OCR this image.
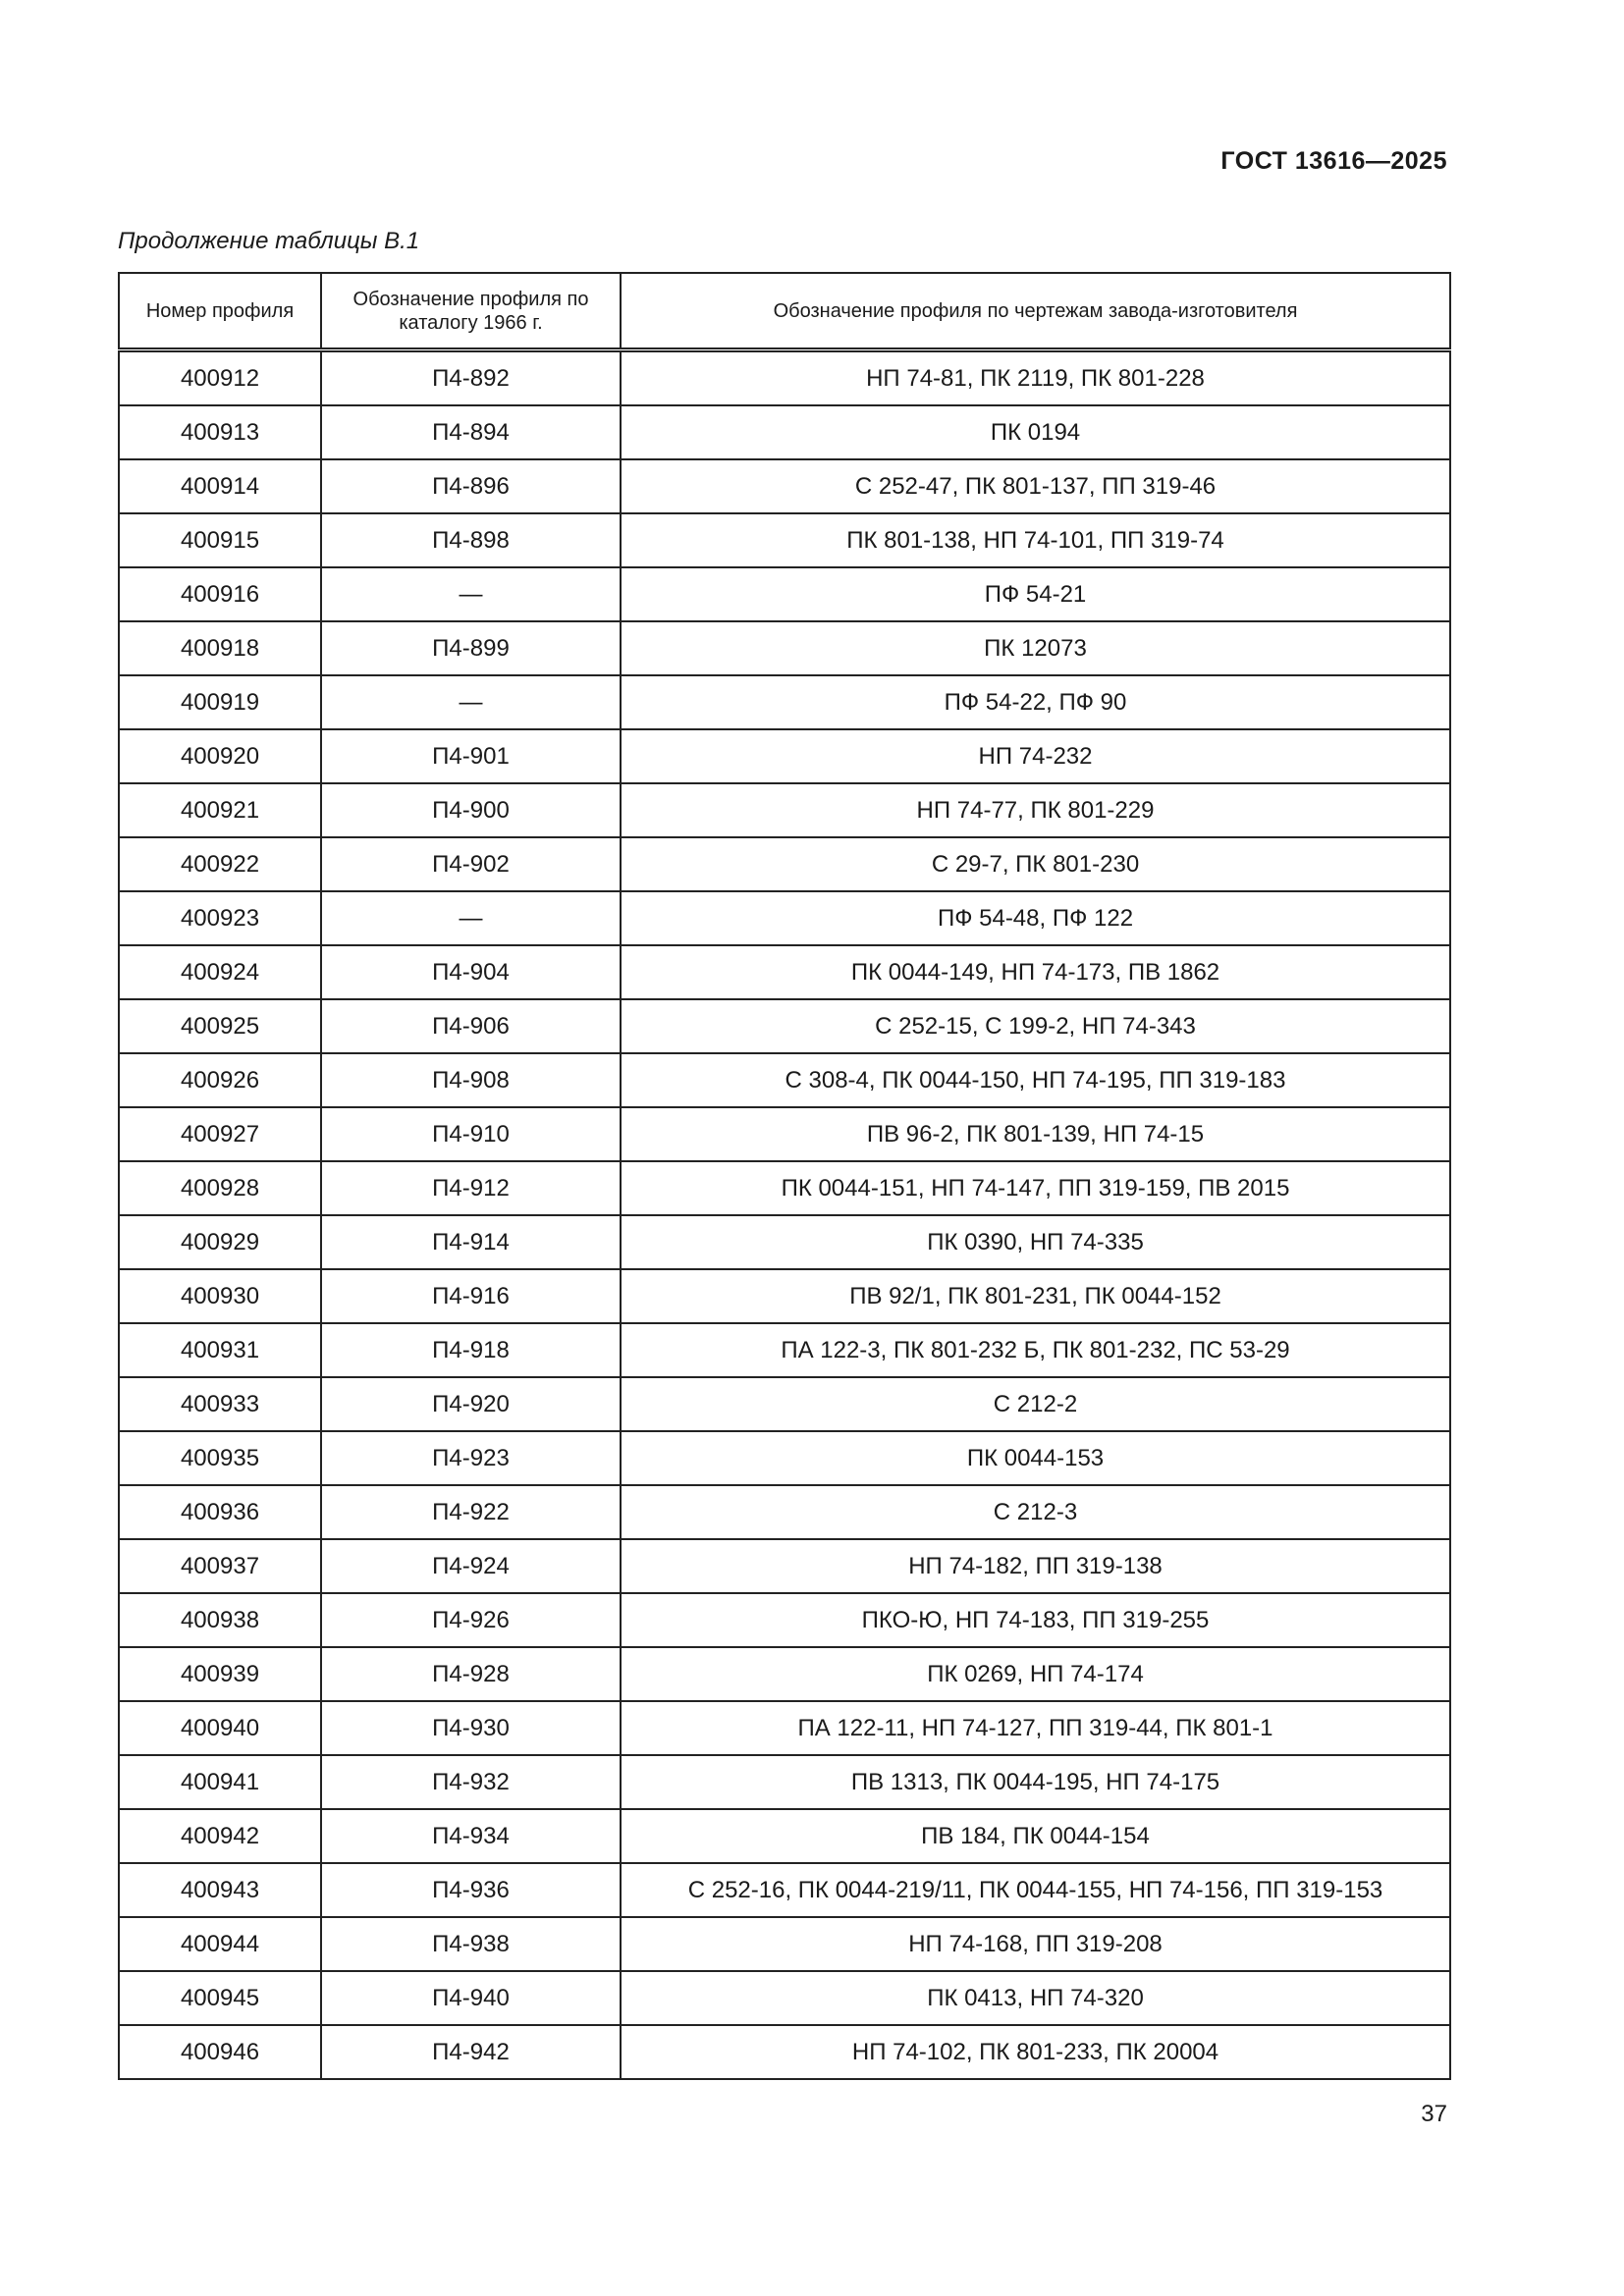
ГОСТ 13616—2025
Продолжение таблицы В.1
Номер профиля	Обозначение профиля по каталогу 1966 г.	Обозначение профиля по чертежам завода-изготовителя
400912	П4-892	НП 74-81, ПК 2119, ПК 801-228
400913	П4-894	ПК 0194
400914	П4-896	С 252-47, ПК 801-137, ПП 319-46
400915	П4-898	ПК 801-138, НП 74-101, ПП 319-74
400916	—	ПФ 54-21
400918	П4-899	ПК 12073
400919	—	ПФ 54-22, ПФ 90
400920	П4-901	НП 74-232
400921	П4-900	НП 74-77, ПК 801-229
400922	П4-902	С 29-7, ПК 801-230
400923	—	ПФ 54-48, ПФ 122
400924	П4-904	ПК 0044-149, НП 74-173, ПВ 1862
400925	П4-906	С 252-15, С 199-2, НП 74-343
400926	П4-908	С 308-4, ПК 0044-150, НП 74-195, ПП 319-183
400927	П4-910	ПВ 96-2, ПК 801-139, НП 74-15
400928	П4-912	ПК 0044-151, НП 74-147, ПП 319-159, ПВ 2015
400929	П4-914	ПК 0390, НП 74-335
400930	П4-916	ПВ 92/1, ПК 801-231, ПК 0044-152
400931	П4-918	ПА 122-3, ПК 801-232 Б, ПК 801-232, ПС 53-29
400933	П4-920	С 212-2
400935	П4-923	ПК 0044-153
400936	П4-922	С 212-3
400937	П4-924	НП 74-182, ПП 319-138
400938	П4-926	ПКО-Ю, НП 74-183, ПП 319-255
400939	П4-928	ПК 0269, НП 74-174
400940	П4-930	ПА 122-11, НП 74-127, ПП 319-44, ПК 801-1
400941	П4-932	ПВ 1313, ПК 0044-195, НП 74-175
400942	П4-934	ПВ 184, ПК 0044-154
400943	П4-936	С 252-16, ПК 0044-219/11, ПК 0044-155, НП 74-156, ПП 319-153
400944	П4-938	НП 74-168, ПП 319-208
400945	П4-940	ПК 0413, НП 74-320
400946	П4-942	НП 74-102, ПК 801-233, ПК 20004
37
